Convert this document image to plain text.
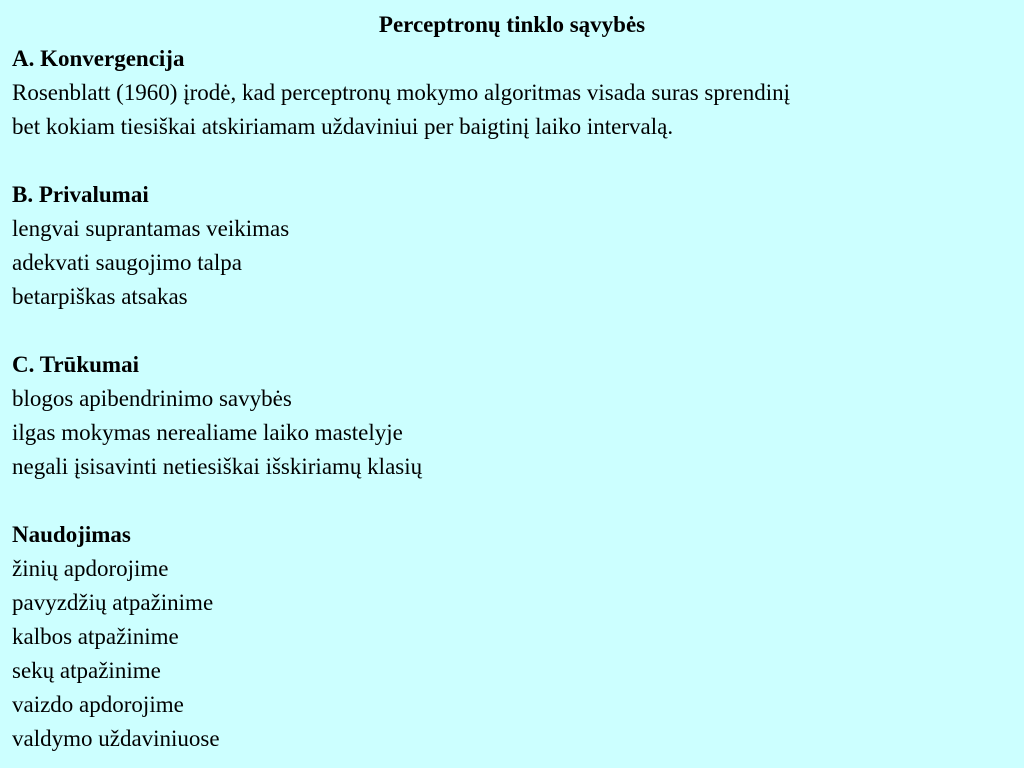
Perceptronų tinklo sąvybės

A. Konvergencija

Rosenblatt (1960) įrodė, kad perceptronų mokymo algoritmas visada suras sprendinį

bet kokiam tiesiškai atskiriamam uždaviniui per baigtinį laiko intervalą.

B. Privalumai

lengvai suprantamas veikimas

adekvati saugojimo talpa

betarpiškas atsakas

C. Trūkumai

blogos apibendrinimo savybės

ilgas mokymas nerealiame laiko mastelyje

negali įsisavinti netiesiškai išskiriamų klasių

Naudojimas

žinių apdorojime

pavyzdžių atpažinime

kalbos atpažinime

sekų atpažinime

vaizdo apdorojime

valdymo uždaviniuose
